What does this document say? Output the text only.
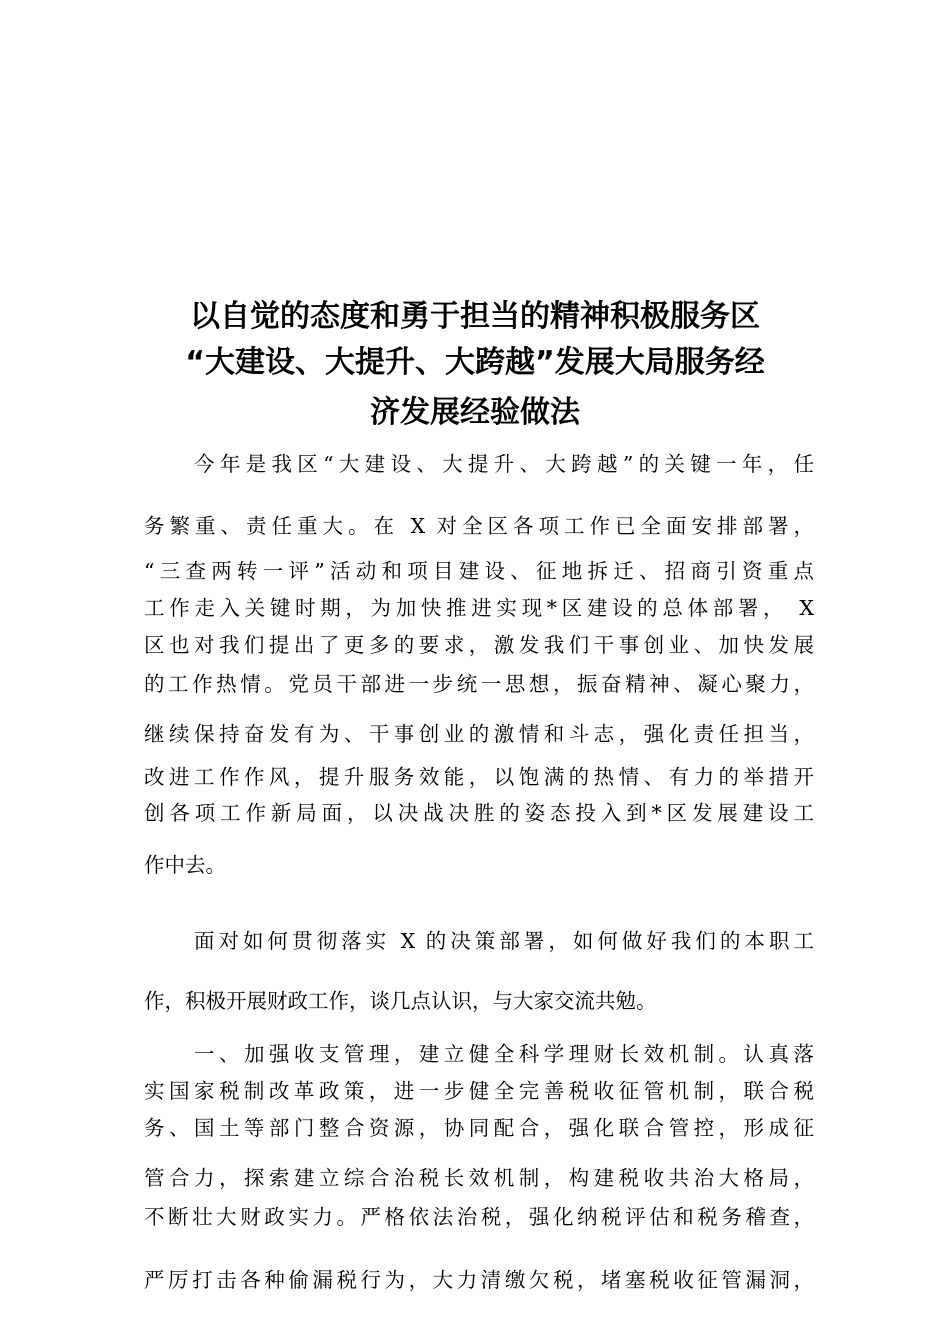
以自觉的态度和勇于担当的精神积极服务区
“大建设、大提升、大跨越”发展大局服务经
济发展经验做法
今年是我区“大建设、大提升、大跨越”的关键一年，任
务繁重、责任重大。在 X 对全区各项工作已全面安排部署，
“三查两转一评”活动和项目建设、征地拆迁、招商引资重点
工作走入关键时期，为加快推进实现*区建设的总体部署， X
区也对我们提出了更多的要求，激发我们干事创业、加快发展
的工作热情。党员干部进一步统一思想，振奋精神、凝心聚力，
继续保持奋发有为、干事创业的激情和斗志，强化责任担当，
改进工作作风，提升服务效能，以饱满的热情、有力的举措开
创各项工作新局面，以决战决胜的姿态投入到*区发展建设工
作中去。
面对如何贯彻落实 X 的决策部署，如何做好我们的本职工
作，积极开展财政工作，谈几点认识，与大家交流共勉。
一、加强收支管理，建立健全科学理财长效机制。认真落
实国家税制改革政策，进一步健全完善税收征管机制，联合税
务、国土等部门整合资源，协同配合，强化联合管控，形成征
管合力，探索建立综合治税长效机制，构建税收共治大格局，
不断壮大财政实力。严格依法治税，强化纳税评估和税务稽查，
严厉打击各种偷漏税行为，大力清缴欠税，堵塞税收征管漏洞，
